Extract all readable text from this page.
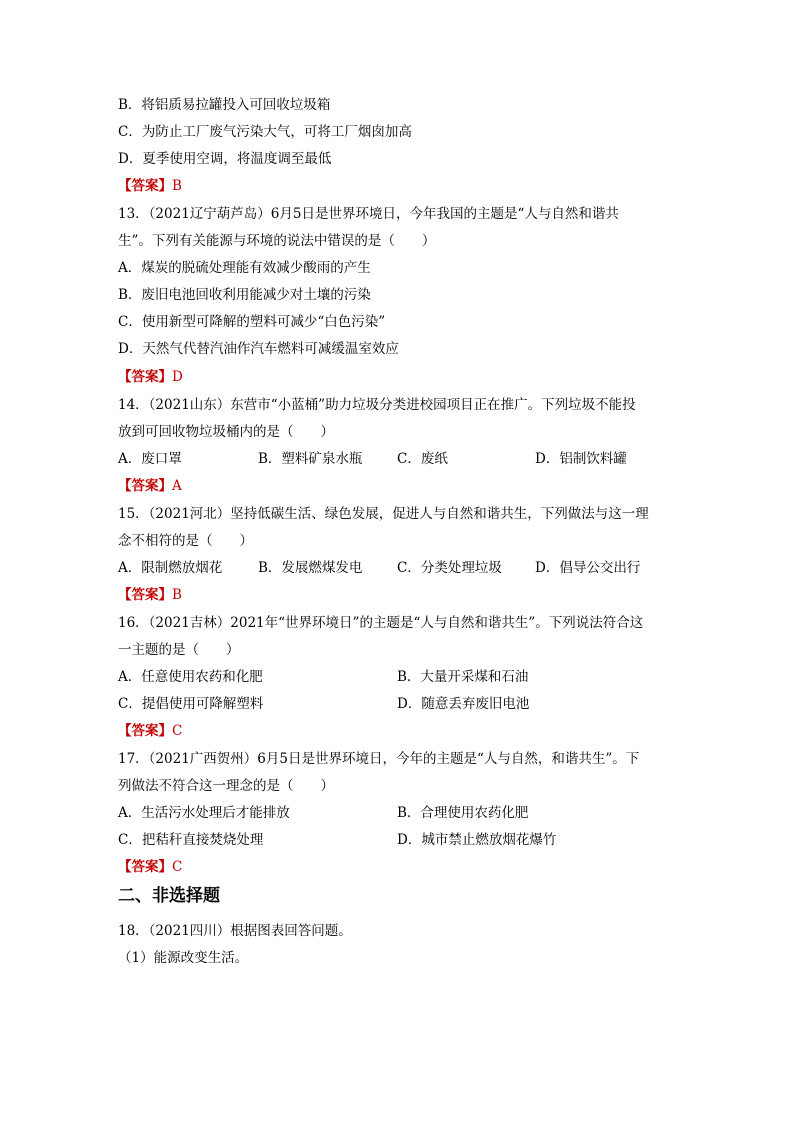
B．将铝质易拉罐投入可回收垃圾箱
C．为防止工厂废气污染大气，可将工厂烟囱加高
D．夏季使用空调，将温度调至最低
【答案】B
13．（2021辽宁葫芦岛）6月5日是世界环境日，今年我国的主题是“人与自然和谐共
生”。下列有关能源与环境的说法中错误的是（　　）
A．煤炭的脱硫处理能有效减少酸雨的产生
B．废旧电池回收利用能减少对土壤的污染
C．使用新型可降解的塑料可减少“白色污染”
D．天然气代替汽油作汽车燃料可减缓温室效应
【答案】D
14．（2021山东）东营市“小蓝桶”助力垃圾分类进校园项目正在推广。下列垃圾不能投
放到可回收物垃圾桶内的是（　　）
A．废口罩	B．塑料矿泉水瓶	C．废纸	D．铝制饮料罐
【答案】A
15．（2021河北）坚持低碳生活、绿色发展，促进人与自然和谐共生，下列做法与这一理
念不相符的是（　　）
A．限制燃放烟花	B．发展燃煤发电	C．分类处理垃圾 D．倡导公交出行
【答案】B
16．（2021吉林）2021年“世界环境日”的主题是“人与自然和谐共生”。下列说法符合这
一主题的是（　　）
A．任意使用农药和化肥	B．大量开采煤和石油
C．提倡使用可降解塑料	D．随意丢弃废旧电池
【答案】C
17．（2021广西贺州）6月5日是世界环境日，今年的主题是“人与自然，和谐共生”。下
列做法不符合这一理念的是（　　）
A．生活污水处理后才能排放	B．合理使用农药化肥
C．把秸秆直接焚烧处理	D．城市禁止燃放烟花爆竹
【答案】C
二、非选择题
18．（2021四川）根据图表回答问题。
（1）能源改变生活。
